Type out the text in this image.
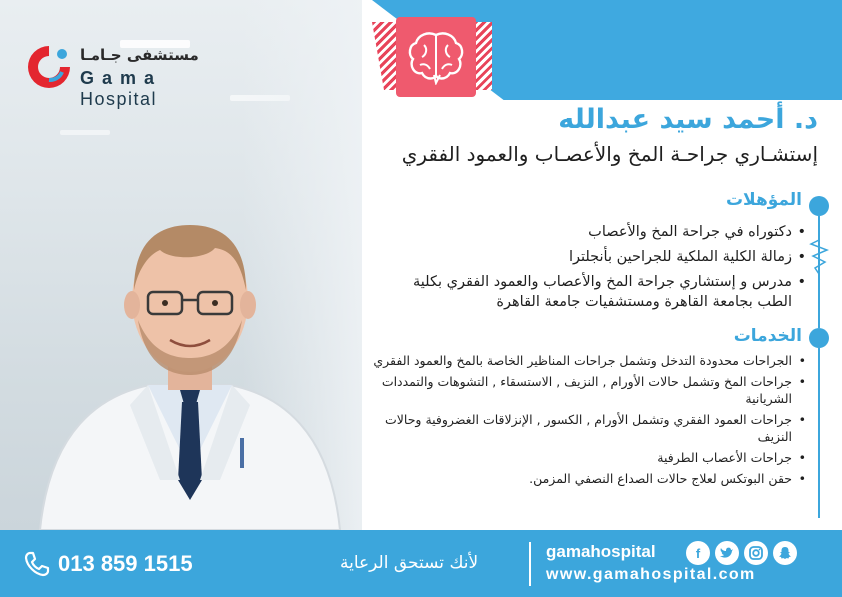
مستشفى جـامـا
G a m a Hospital
د. أحمد سيد عبدالله
إستشـاري جراحـة المخ والأعصـاب والعمود الفقري
المؤهلات
• دكتوراه في جراحة المخ والأعصاب
• زمالة الكلية الملكية للجراحين بأنجلترا
• مدرس و إستشاري جراحة المخ والأعصاب والعمود الفقري بكلية الطب بجامعة القاهرة ومستشفيات جامعة القاهرة
الخدمات
• الجراحات محدودة التدخل وتشمل جراحات المناظير الخاصة بالمخ والعمود الفقري
• جراحات المخ وتشمل حالات الأورام , النزيف , الاستسقاء , التشوهات والتمددات الشريانية
• جراحات العمود الفقري وتشمل الأورام , الكسور , الإنزلاقات الغضروفية وحالات النزيف
• جراحات الأعصاب الطرفية
• حقن البوتكس لعلاج حالات الصداع النصفي المزمن.
013 859 1515	لأنك تستحق الرعاية
gamahospital
www.gamahospital.com
f
